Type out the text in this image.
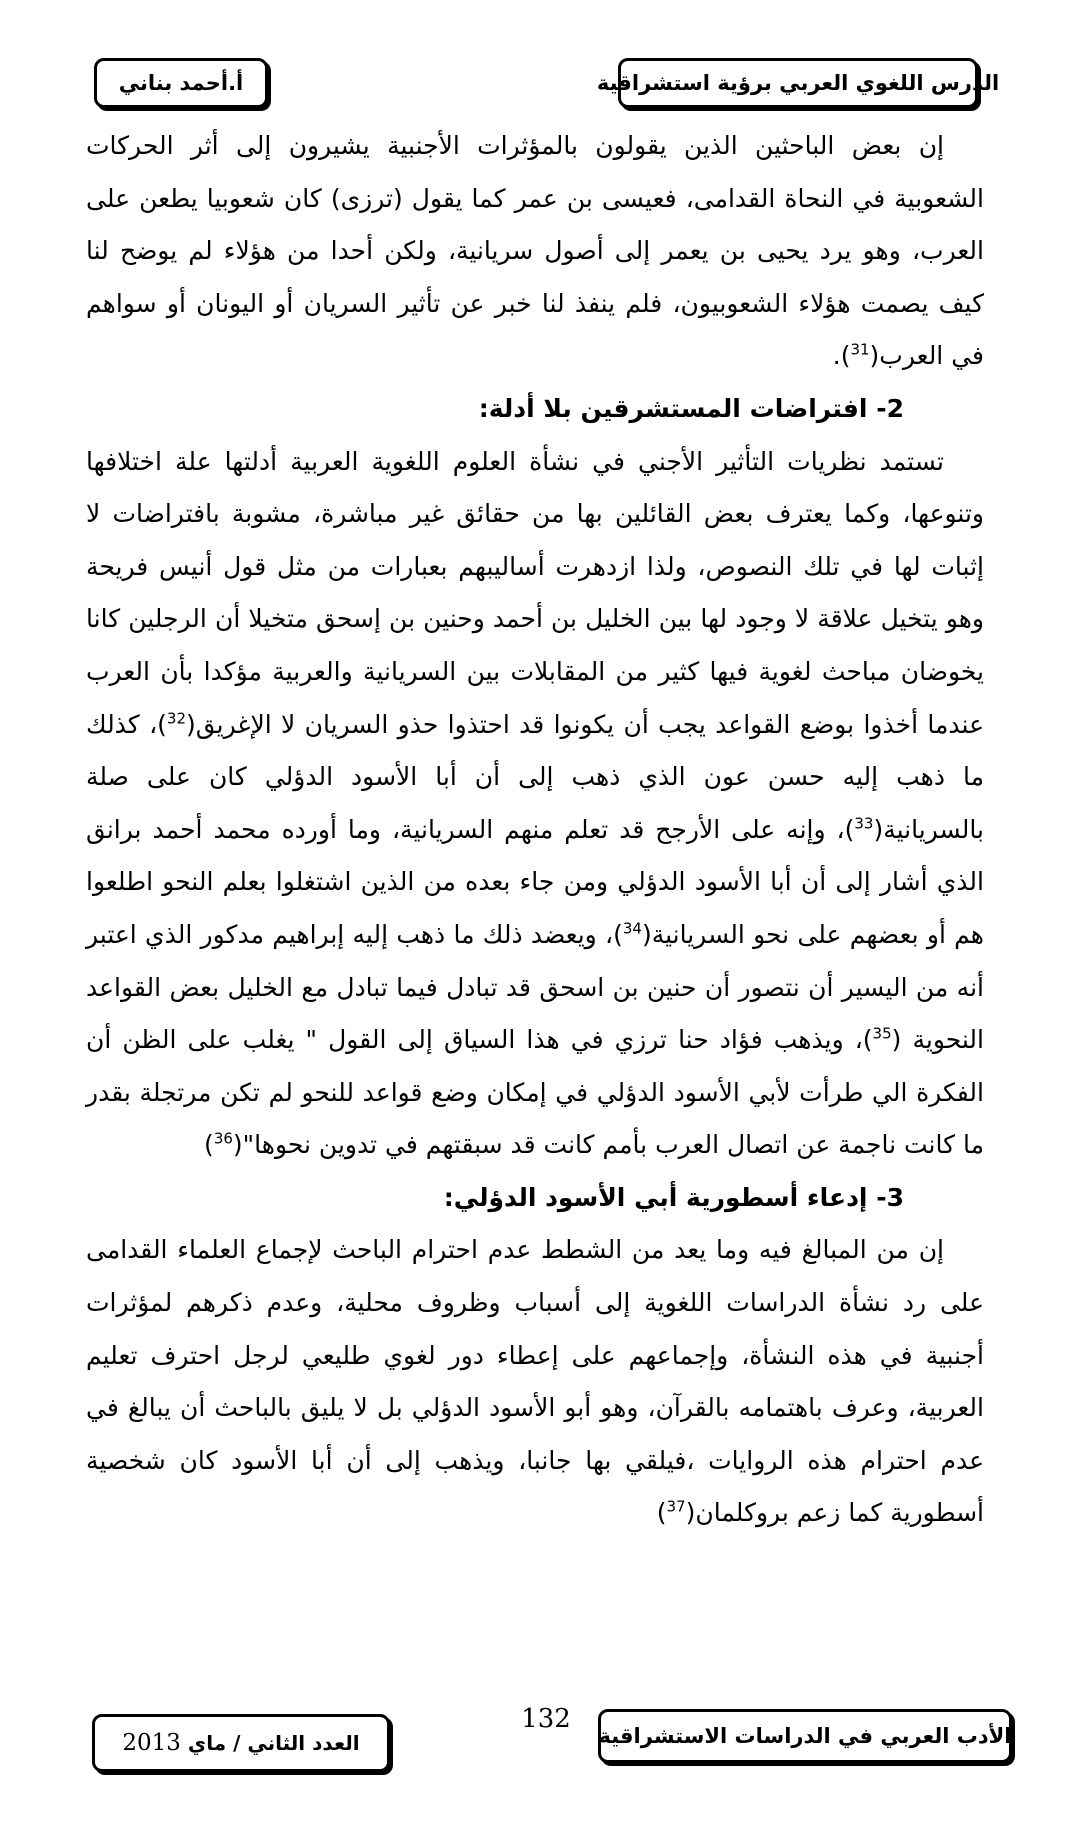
الدرس اللغوي العربي برؤية استشراقية
أ.أحمد بناني

إن بعض الباحثين الذين يقولون بالمؤثرات الأجنبية يشيرون إلى أثر الحركات الشعوبية في النحاة القدامى، فعيسى بن عمر كما يقول (ترزى) كان شعوبيا يطعن على العرب، وهو يرد يحيى بن يعمر إلى أصول سريانية، ولكن أحدا من هؤلاء لم يوضح لنا كيف يصمت هؤلاء الشعوبيون، فلم ينفذ لنا خبر عن تأثير السريان أو اليونان أو سواهم في العرب($^{31}$).

2- افتراضات المستشرقين بلا أدلة:

تستمد نظريات التأثير الأجني في نشأة العلوم اللغوية العربية أدلتها علة اختلافها وتنوعها، وكما يعترف بعض القائلين بها من حقائق غير مباشرة، مشوبة بافتراضات لا إثبات لها في تلك النصوص، ولذا ازدهرت أساليبهم بعبارات من مثل قول أنيس فريحة وهو يتخيل علاقة لا وجود لها بين الخليل بن أحمد وحنين بن إسحق متخيلا أن الرجلين كانا يخوضان مباحث لغوية فيها كثير من المقابلات بين السريانية والعربية مؤكدا بأن العرب عندما أخذوا بوضع القواعد يجب أن يكونوا قد احتذوا حذو السريان لا الإغريق($^{32}$)، كذلك ما ذهب إليه حسن عون الذي ذهب إلى أن أبا الأسود الدؤلي كان على صلة بالسريانية($^{33}$)، وإنه على الأرجح قد تعلم منهم السريانية، وما أورده محمد أحمد برانق الذي أشار إلى أن أبا الأسود الدؤلي ومن جاء بعده من الذين اشتغلوا بعلم النحو اطلعوا هم أو بعضهم على نحو السريانية($^{34}$)، ويعضد ذلك ما ذهب إليه إبراهيم مدكور الذي اعتبر أنه من اليسير أن نتصور أن حنين بن اسحق قد تبادل فيما تبادل مع الخليل بعض القواعد النحوية ($^{35}$)، ويذهب فؤاد حنا ترزي في هذا السياق إلى القول " يغلب على الظن أن الفكرة الي طرأت لأبي الأسود الدؤلي في إمكان وضع قواعد للنحو لم تكن مرتجلة بقدر ما كانت ناجمة عن اتصال العرب بأمم كانت قد سبقتهم في تدوين نحوها"($^{36}$)

3- إدعاء أسطورية أبي الأسود الدؤلي:

إن من المبالغ فيه وما يعد من الشطط عدم احترام الباحث لإجماع العلماء القدامى على رد نشأة الدراسات اللغوية إلى أسباب وظروف محلية، وعدم ذكرهم لمؤثرات أجنبية في هذه النشأة، وإجماعهم على إعطاء دور لغوي طليعي لرجل احترف تعليم العربية، وعرف باهتمامه بالقرآن، وهو أبو الأسود الدؤلي بل لا يليق بالباحث أن يبالغ في عدم احترام هذه الروايات ،فيلقي بها جانبا، ويذهب إلى أن أبا الأسود كان شخصية أسطورية كما زعم بروكلمان($^{37}$)

الأدب العربي في الدراسات الاستشراقية
132
العدد الثاني / ماي

2013
